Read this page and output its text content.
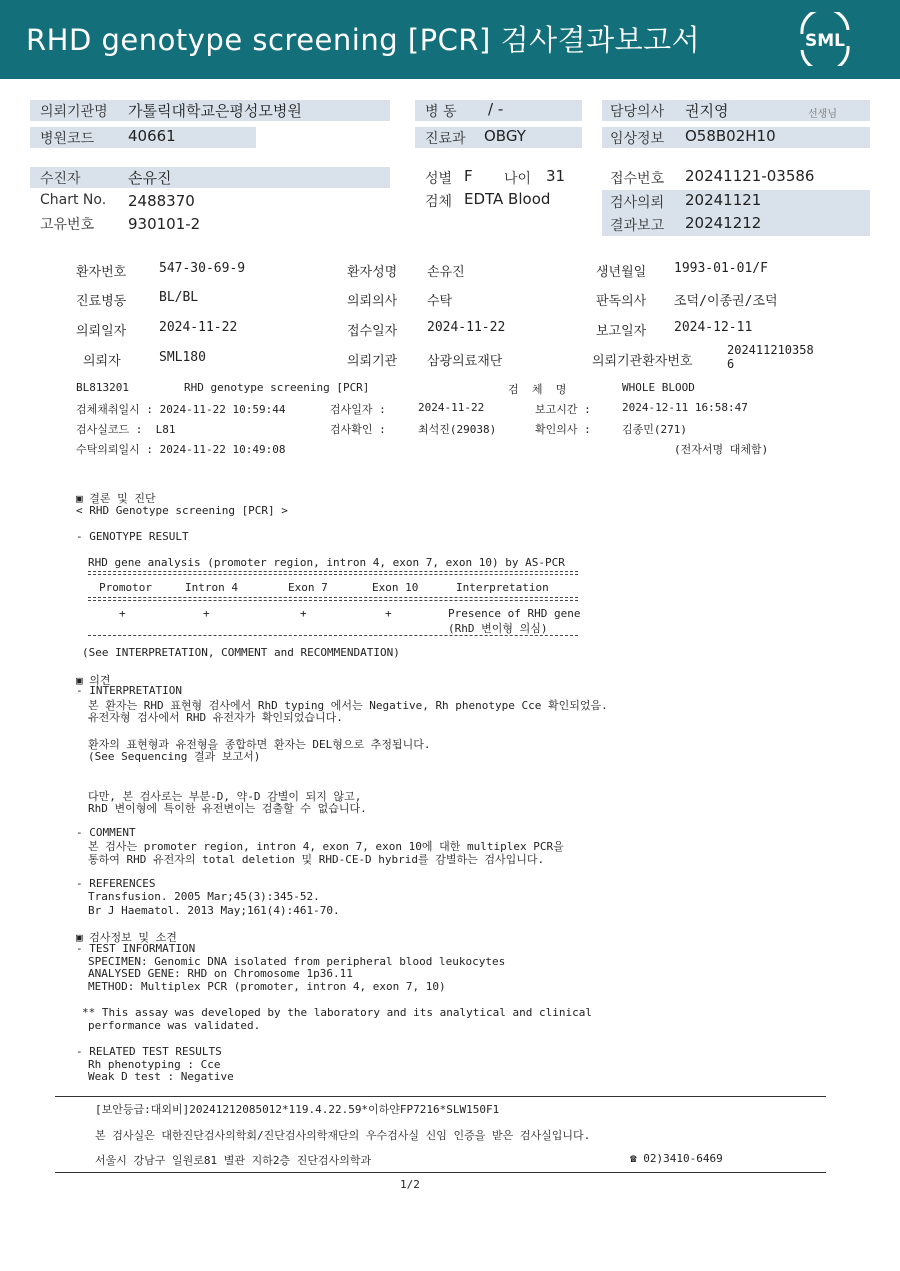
RHD genotype screening [PCR] 검사결과보고서	SML
의뢰기관명 가톨릭대학교은평성모병원
병원코드 40661
병 동 / -
진료과 OBGY
담당의사 권지영	선생님
임상정보 O58B02H10
수진자	손유진
Chart No. 2488370
고유번호 930101-2
성별 F 나이 31
검체 EDTA Blood
접수번호 20241121-03586
검사의뢰 20241121
결과보고 20241212
환자번호	547-30-69-9	환자성명 손유진	생년월일 1993-01-01/F
진료병동	BL/BL	의뢰의사 수탁	판독의사 조덕/이종권/조덕
의뢰일자	2024-11-22	접수일자 2024-11-22	보고일자 2024-12-11
의뢰자	SML180	의뢰기관 삼광의료재단	의뢰기관환자번호
202411210358
6
BL813201	RHD genotype screening [PCR]	검  체  명	WHOLE BLOOD
검체채취일시 : 2024-11-22 10:59:44	검사일자 :	2024-11-22	보고시간 :	2024-12-11 16:58:47
검사실코드 :  L81	검사확인 :	최석진(29038)	확인의사 :	김종민(271)
수탁의뢰일시 : 2024-11-22 10:49:08	(전자서명 대체함)
▣ 결론 및 진단
< RHD Genotype screening [PCR] >
- GENOTYPE RESULT
RHD gene analysis (promoter region, intron 4, exon 7, exon 10) by AS-PCR
Promotor	Intron 4	Exon 7	Exon 10	Interpretation
+	+	+	+	Presence of RHD gene
(RhD 변이형 의심)
(See INTERPRETATION, COMMENT and RECOMMENDATION)
▣ 의견
- INTERPRETATION
본 환자는 RHD 표현형 검사에서 RhD typing 에서는 Negative, Rh phenotype Cce 확인되었음.
유전자형 검사에서 RHD 유전자가 확인되었습니다.
환자의 표현형과 유전형을 종합하면 환자는 DEL형으로 추정됩니다.
(See Sequencing 결과 보고서)
다만, 본 검사로는 부분-D, 약-D 감별이 되지 않고,
RhD 변이형에 특이한 유전변이는 검출할 수 없습니다.
- COMMENT
본 검사는 promoter region, intron 4, exon 7, exon 10에 대한 multiplex PCR을
통하여 RHD 유전자의 total deletion 및 RHD-CE-D hybrid를 감별하는 검사입니다.
- REFERENCES
Transfusion. 2005 Mar;45(3):345-52.
Br J Haematol. 2013 May;161(4):461-70.
▣ 검사정보 및 소견
- TEST INFORMATION
SPECIMEN: Genomic DNA isolated from peripheral blood leukocytes
ANALYSED GENE: RHD on Chromosome 1p36.11
METHOD: Multiplex PCR (promoter, intron 4, exon 7, 10)
** This assay was developed by the laboratory and its analytical and clinical
performance was validated.
- RELATED TEST RESULTS
Rh phenotyping : Cce
Weak D test : Negative
[보안등급:대외비]20241212085012*119.4.22.59*이하얀FP7216*SLW150F1
본 검사실은 대한진단검사의학회/진단검사의학재단의 우수검사실 신임 인증을 받은 검사실입니다.
서울시 강남구 일원로81 별관 지하2층 진단검사의학과	☎ 02)3410-6469
1/2
